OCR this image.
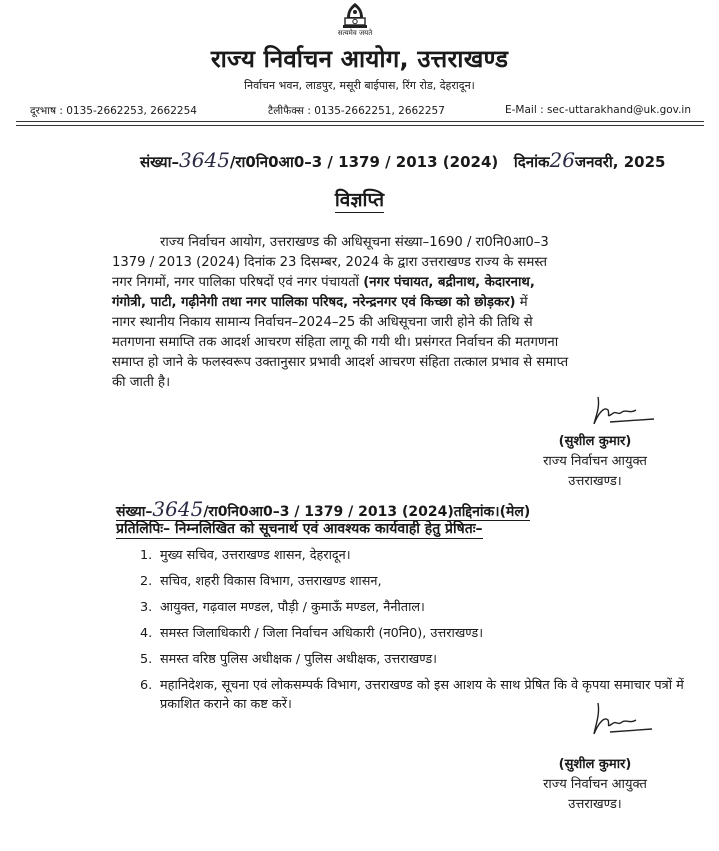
सत्यमेव जयते
राज्य निर्वाचन आयोग, उत्तराखण्ड
निर्वाचन भवन, लाडपुर, मसूरी बाईपास, रिंग रोड, देहरादून।
दूरभाष : 0135-2662253, 2662254	टैलीफैक्स : 0135-2662251, 2662257	E-Mail : sec-uttarakhand@uk.gov.in
संख्या–3645/रा0नि0आ0–3 / 1379 / 2013 (2024) दिनांक26जनवरी, 2025
विज्ञप्ति
राज्य निर्वाचन आयोग, उत्तराखण्ड की अधिसूचना संख्या–1690 / रा0नि0आ0–3
1379 / 2013 (2024) दिनांक 23 दिसम्बर, 2024 के द्वारा उत्तराखण्ड राज्य के समस्त
नगर निगमों, नगर पालिका परिषदों एवं नगर पंचायतों (नगर पंचायत, बद्रीनाथ, केदारनाथ,
गंगोत्री, पाटी, गढ़ीनेगी तथा नगर पालिका परिषद, नरेन्द्रनगर एवं किच्छा को छोड़कर) में
नागर स्थानीय निकाय सामान्य निर्वाचन–2024–25 की अधिसूचना जारी होने की तिथि से
मतगणना समाप्ति तक आदर्श आचरण संहिता लागू की गयी थी। प्रसंगरत निर्वाचन की मतगणना
समाप्त हो जाने के फलस्वरूप उक्तानुसार प्रभावी आदर्श आचरण संहिता तत्काल प्रभाव से समाप्त
की जाती है।
(सुशील कुमार)
राज्य निर्वाचन आयुक्त
उत्तराखण्ड।
संख्या–3645/रा0नि0आ0–3 / 1379 / 2013 (2024)तद्दिनांक।(मेल)
प्रतिलिपिः– निम्नलिखित को सूचनार्थ एवं आवश्यक कार्यवाही हेतु प्रेषितः–
1. मुख्य सचिव, उत्तराखण्ड शासन, देहरादून।
2. सचिव, शहरी विकास विभाग, उत्तराखण्ड शासन,
3. आयुक्त, गढ़वाल मण्डल, पौड़ी / कुमाऊँ मण्डल, नैनीताल।
4. समस्त जिलाधिकारी / जिला निर्वाचन अधिकारी (न0नि0), उत्तराखण्ड।
5. समस्त वरिष्ठ पुलिस अधीक्षक / पुलिस अधीक्षक, उत्तराखण्ड।
6. महानिदेशक, सूचना एवं लोकसम्पर्क विभाग, उत्तराखण्ड को इस आशय के साथ प्रेषित कि वे कृपया समाचार पत्रों में प्रकाशित कराने का कष्ट करें।
(सुशील कुमार)
राज्य निर्वाचन आयुक्त
उत्तराखण्ड।
